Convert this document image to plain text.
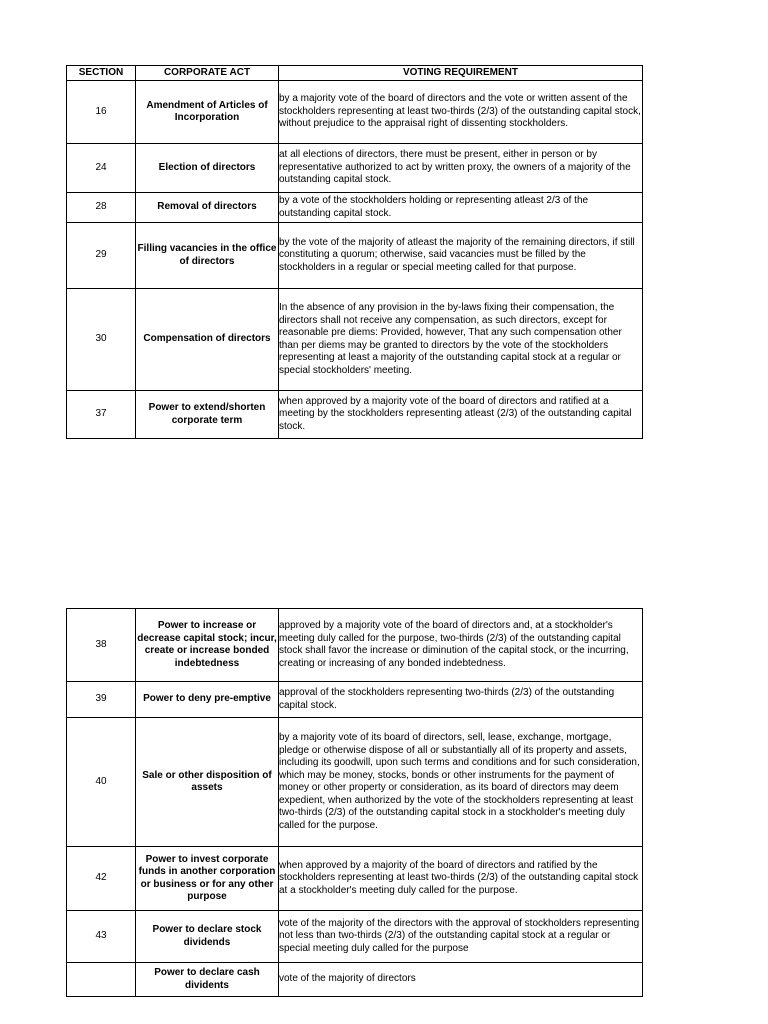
SECTION	CORPORATE ACT	VOTING REQUIREMENT
16	Amendment of Articles of Incorporation	by a majority vote of the board of directors and the vote or written assent of the stockholders representing at least two-thirds (2/3) of the outstanding capital stock, without prejudice to the appraisal right of dissenting stockholders.
24	Election of directors	at all elections of directors, there must be present, either in person or by representative authorized to act by written proxy, the owners of a majority of the outstanding capital stock.
28	Removal of directors	by a vote of the stockholders holding or representing atleast 2/3 of the outstanding capital stock.
29	Filling vacancies in the office of directors	by the vote of the majority of atleast the majority of the remaining directors, if still constituting a quorum; otherwise, said vacancies must be filled by the stockholders in a regular or special meeting called for that purpose.
30	Compensation of directors	In the absence of any provision in the by-laws fixing their compensation, the directors shall not receive any compensation, as such directors, except for reasonable pre diems: Provided, however, That any such compensation other than per diems may be granted to directors by the vote of the stockholders representing at least a majority of the outstanding capital stock at a regular or special stockholders' meeting.
37	Power to extend/shorten corporate term	when approved by a majority vote of the board of directors and ratified at a meeting by the stockholders representing atleast (2/3) of the outstanding capital stock.
38	Power to increase or decrease capital stock; incur, create or increase bonded indebtedness	approved by a majority vote of the board of directors and, at a stockholder's meeting duly called for the purpose, two-thirds (2/3) of the outstanding capital stock shall favor the increase or diminution of the capital stock, or the incurring, creating or increasing of any bonded indebtedness.
39	Power to deny pre-emptive	approval of the stockholders representing two-thirds (2/3) of the outstanding capital stock.
40	Sale or other disposition of assets	by a majority vote of its board of directors, sell, lease, exchange, mortgage, pledge or otherwise dispose of all or substantially all of its property and assets, including its goodwill, upon such terms and conditions and for such consideration, which may be money, stocks, bonds or other instruments for the payment of money or other property or consideration, as its board of directors may deem expedient, when authorized by the vote of the stockholders representing at least two-thirds (2/3) of the outstanding capital stock in a stockholder's meeting duly called for the purpose.
42	Power to invest corporate funds in another corporation or business or for any other purpose	when approved by a majority of the board of directors and ratified by the stockholders representing at least two-thirds (2/3) of the outstanding capital stock at a stockholder's meeting duly called for the purpose.
43	Power to declare stock dividends	vote of the majority of the directors with the approval of stockholders representing not less than two-thirds (2/3) of the outstanding capital stock at a regular or special meeting duly called for the purpose
	Power to declare cash dividents	vote of the majority of directors
